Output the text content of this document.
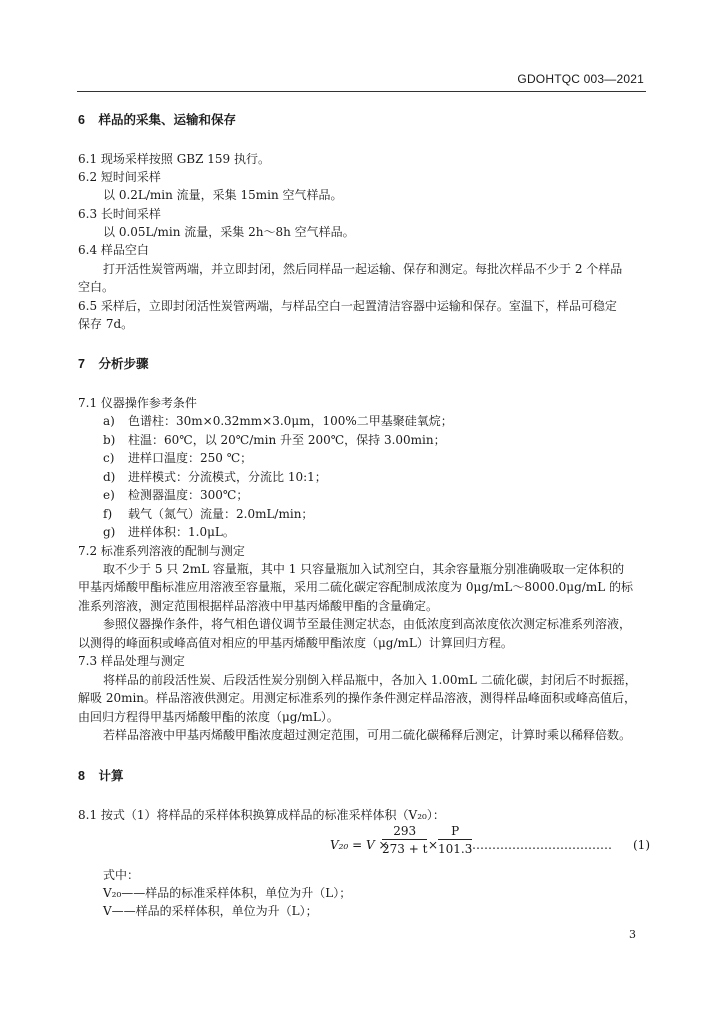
GDOHTQC 003—2021
6 样品的采集、运输和保存
6.1 现场采样按照 GBZ 159 执行。
6.2 短时间采样
以 0.2L/min 流量，采集 15min 空气样品。
6.3 长时间采样
以 0.05L/min 流量，采集 2h～8h 空气样品。
6.4 样品空白
打开活性炭管两端，并立即封闭，然后同样品一起运输、保存和测定。每批次样品不少于 2 个样品
空白。
6.5 采样后，立即封闭活性炭管两端，与样品空白一起置清洁容器中运输和保存。室温下，样品可稳定
保存 7d。
7 分析步骤
7.1 仪器操作参考条件
a) 色谱柱：30m×0.32mm×3.0μm，100%二甲基聚硅氧烷；
b) 柱温：60℃，以 20℃/min 升至 200℃，保持 3.00min；
c) 进样口温度：250 ℃；
d) 进样模式：分流模式，分流比 10:1；
e) 检测器温度：300℃；
f) 载气（氮气）流量：2.0mL/min；
g) 进样体积：1.0μL。
7.2 标准系列溶液的配制与测定
取不少于 5 只 2mL 容量瓶，其中 1 只容量瓶加入试剂空白，其余容量瓶分别准确吸取一定体积的
甲基丙烯酸甲酯标准应用溶液至容量瓶，采用二硫化碳定容配制成浓度为 0μg/mL～8000.0μg/mL 的标
准系列溶液，测定范围根据样品溶液中甲基丙烯酸甲酯的含量确定。
参照仪器操作条件，将气相色谱仪调节至最佳测定状态，由低浓度到高浓度依次测定标准系列溶液，
以测得的峰面积或峰高值对相应的甲基丙烯酸甲酯浓度（μg/mL）计算回归方程。
7.3 样品处理与测定
将样品的前段活性炭、后段活性炭分别倒入样品瓶中，各加入 1.00mL 二硫化碳，封闭后不时振摇，
解吸 20min。样品溶液供测定。用测定标准系列的操作条件测定样品溶液，测得样品峰面积或峰高值后，
由回归方程得甲基丙烯酸甲酯的浓度（μg/mL）。
若样品溶液中甲基丙烯酸甲酯浓度超过测定范围，可用二硫化碳稀释后测定，计算时乘以稀释倍数。
8 计算
8.1 按式（1）将样品的采样体积换算成样品的标准采样体积（V₂₀）：
V₂₀ = V ×
$\frac{293}{273 + t} \times \frac{P}{101.3}$
……………………………… (1)
式中：
V₂₀——样品的标准采样体积，单位为升（L）；
V——样品的采样体积，单位为升（L）；
3
